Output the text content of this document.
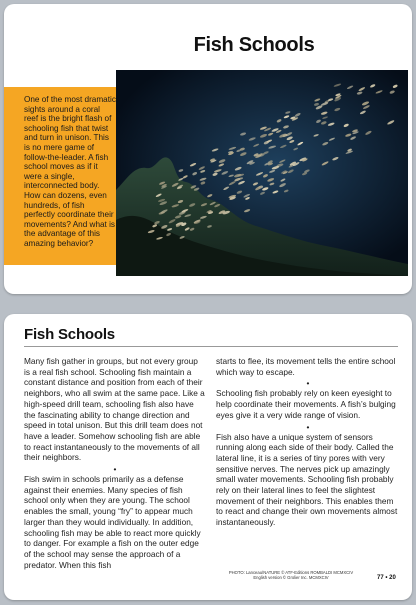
Fish Schools
One of the most dramatic sights around a coral reef is the bright flash of schooling fish that twist and turn in unison. This is no mere game of follow-the-leader. A fish school moves as if it were a single, interconnected body. How can dozens, even hundreds, of fish perfectly coordinate their movements? And what is the advantage of this amazing behavior?
Fish Schools

Many fish gather in groups, but not every group is a real fish school. Schooling fish maintain a constant distance and position from each of their neighbors, who all swim at the same pace. Like a high-speed drill team, schooling fish also have the fascinating ability to change direction and speed in total unison. But this drill team does not have a leader. Somehow schooling fish are able to react instantaneously to the movements of all their neighbors.

•

Fish swim in schools primarily as a defense against their enemies. Many species of fish school only when they are young. The school enables the small, young “fry” to appear much larger than they would individually. In addition, schooling fish may be able to react more quickly to danger. For example a fish on the outer edge of the school may sense the approach of a predator. When this fish

starts to flee, its movement tells the entire school which way to escape.

•

Schooling fish probably rely on keen eyesight to help coordinate their movements. A fish’s bulging eyes give it a very wide range of vision.

•

Fish also have a unique system of sensors running along each side of their body. Called the lateral line, it is a series of tiny pores with very sensitive nerves. The nerves pick up amazingly small water movements. Schooling fish probably rely on their lateral lines to feel the slightest movement of their neighbors. This enables them to react and change their own movements almost instantaneously.

PHOTO: Lanceau/NATURE © ATF-Editions ROMBALDI MCMXCIV
English version © Grolier Inc. MCMXCIV	77 • 20
